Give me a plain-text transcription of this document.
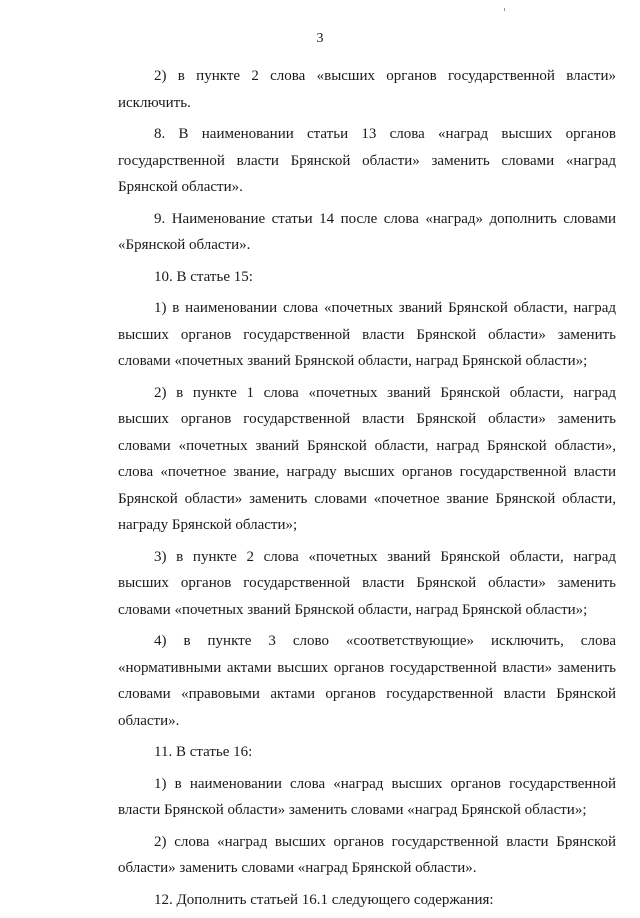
3

2) в пункте 2 слова «высших органов государственной власти» исключить.

8. В наименовании статьи 13 слова «наград высших органов государственной власти Брянской области» заменить словами «наград Брянской области».

9. Наименование статьи 14 после слова «наград» дополнить словами «Брянской области».

10. В статье 15:

1) в наименовании слова «почетных званий Брянской области, наград высших органов государственной власти Брянской области» заменить словами «почетных званий Брянской области, наград Брянской области»;

2) в пункте 1 слова «почетных званий Брянской области, наград высших органов государственной власти Брянской области» заменить словами «почетных званий Брянской области, наград Брянской области», слова «почетное звание, награду высших органов государственной власти Брянской области» заменить словами «почетное звание Брянской области, награду Брянской области»;

3) в пункте 2 слова «почетных званий Брянской области, наград высших органов государственной власти Брянской области» заменить словами «почетных званий Брянской области, наград Брянской области»;

4) в пункте 3 слово «соответствующие» исключить, слова «нормативными актами высших органов государственной власти» заменить словами «правовыми актами органов государственной власти Брянской области».

11. В статье 16:

1) в наименовании слова «наград высших органов государственной власти Брянской области» заменить словами «наград Брянской области»;

2) слова «наград высших органов государственной власти Брянской области» заменить словами «наград Брянской области».

12. Дополнить статьей 16.1 следующего содержания:
